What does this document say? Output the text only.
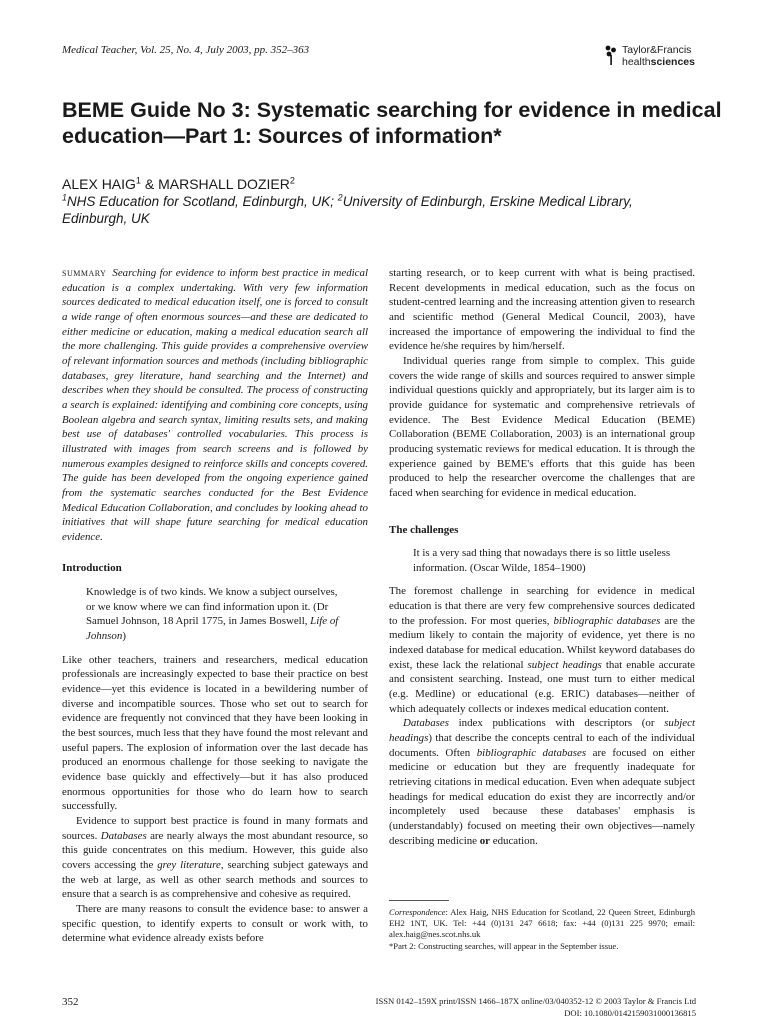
Medical Teacher, Vol. 25, No. 4, July 2003, pp. 352–363	Taylor&Francis
healthsciences
BEME Guide No 3: Systematic searching for evidence in medical education—Part 1: Sources of information*
ALEX HAIG$^1$ & MARSHALL DOZIER$^2$
$^1$NHS Education for Scotland, Edinburgh, UK; $^2$University of Edinburgh, Erskine Medical Library, Edinburgh, UK

summary Searching for evidence to inform best practice in medical education is a complex undertaking. With very few information sources dedicated to medical education itself, one is forced to consult a wide range of often enormous sources—and these are dedicated to either medicine or education, making a medical education search all the more challenging. This guide provides a comprehensive overview of relevant information sources and methods (including bibliographic databases, grey literature, hand searching and the Internet) and describes when they should be consulted. The process of constructing a search is explained: identifying and combining core concepts, using Boolean algebra and search syntax, limiting results sets, and making best use of databases' controlled vocabularies. This process is illustrated with images from search screens and is followed by numerous examples designed to reinforce skills and concepts covered. The guide has been developed from the ongoing experience gained from the systematic searches conducted for the Best Evidence Medical Education Collaboration, and concludes by looking ahead to initiatives that will shape future searching for medical education evidence.

Introduction

Knowledge is of two kinds. We know a subject ourselves, or we know where we can find information upon it. (Dr Samuel Johnson, 18 April 1775, in James Boswell, Life of Johnson)

Like other teachers, trainers and researchers, medical education professionals are increasingly expected to base their practice on best evidence—yet this evidence is located in a bewildering number of diverse and incompatible sources. Those who set out to search for evidence are frequently not convinced that they have been looking in the best sources, much less that they have found the most relevant and useful papers. The explosion of information over the last decade has produced an enormous challenge for those seeking to navigate the evidence base quickly and effectively—but it has also produced enormous opportunities for those who do learn how to search successfully.

Evidence to support best practice is found in many formats and sources. Databases are nearly always the most abundant resource, so this guide concentrates on this medium. However, this guide also covers accessing the grey literature, searching subject gateways and the web at large, as well as other search methods and sources to ensure that a search is as comprehensive and cohesive as required.

There are many reasons to consult the evidence base: to answer a specific question, to identify experts to consult or work with, to determine what evidence already exists before

starting research, or to keep current with what is being practised. Recent developments in medical education, such as the focus on student-centred learning and the increasing attention given to research and scientific method (General Medical Council, 2003), have increased the importance of empowering the individual to find the evidence he/she requires by him/herself.

Individual queries range from simple to complex. This guide covers the wide range of skills and sources required to answer simple individual questions quickly and appropriately, but its larger aim is to provide guidance for systematic and comprehensive retrievals of evidence. The Best Evidence Medical Education (BEME) Collaboration (BEME Collaboration, 2003) is an international group producing systematic reviews for medical education. It is through the experience gained by BEME's efforts that this guide has been produced to help the researcher overcome the challenges that are faced when searching for evidence in medical education.

The challenges

It is a very sad thing that nowadays there is so little useless information. (Oscar Wilde, 1854–1900)

The foremost challenge in searching for evidence in medical education is that there are very few comprehensive sources dedicated to the profession. For most queries, bibliographic databases are the medium likely to contain the majority of evidence, yet there is no indexed database for medical education. Whilst keyword databases do exist, these lack the relational subject headings that enable accurate and consistent searching. Instead, one must turn to either medical (e.g. Medline) or educational (e.g. ERIC) databases—neither of which adequately collects or indexes medical education content.

Databases index publications with descriptors (or subject headings) that describe the concepts central to each of the individual documents. Often bibliographic databases are focused on either medicine or education but they are frequently inadequate for retrieving citations in medical education. Even when adequate subject headings for medical education do exist they are incorrectly and/or incompletely used because these databases' emphasis is (understandably) focused on meeting their own objectives—namely describing medicine or education.

Correspondence: Alex Haig, NHS Education for Scotland, 22 Queen Street, Edinburgh EH2 1NT, UK. Tel: +44 (0)131 247 6618; fax: +44 (0)131 225 9970; email: alex.haig@nes.scot.nhs.uk

*Part 2: Constructing searches, will appear in the September issue.

352	ISSN 0142–159X print/ISSN 1466–187X online/03/040352-12 © 2003 Taylor & Francis Ltd
DOI: 10.1080/0142159031000136815
